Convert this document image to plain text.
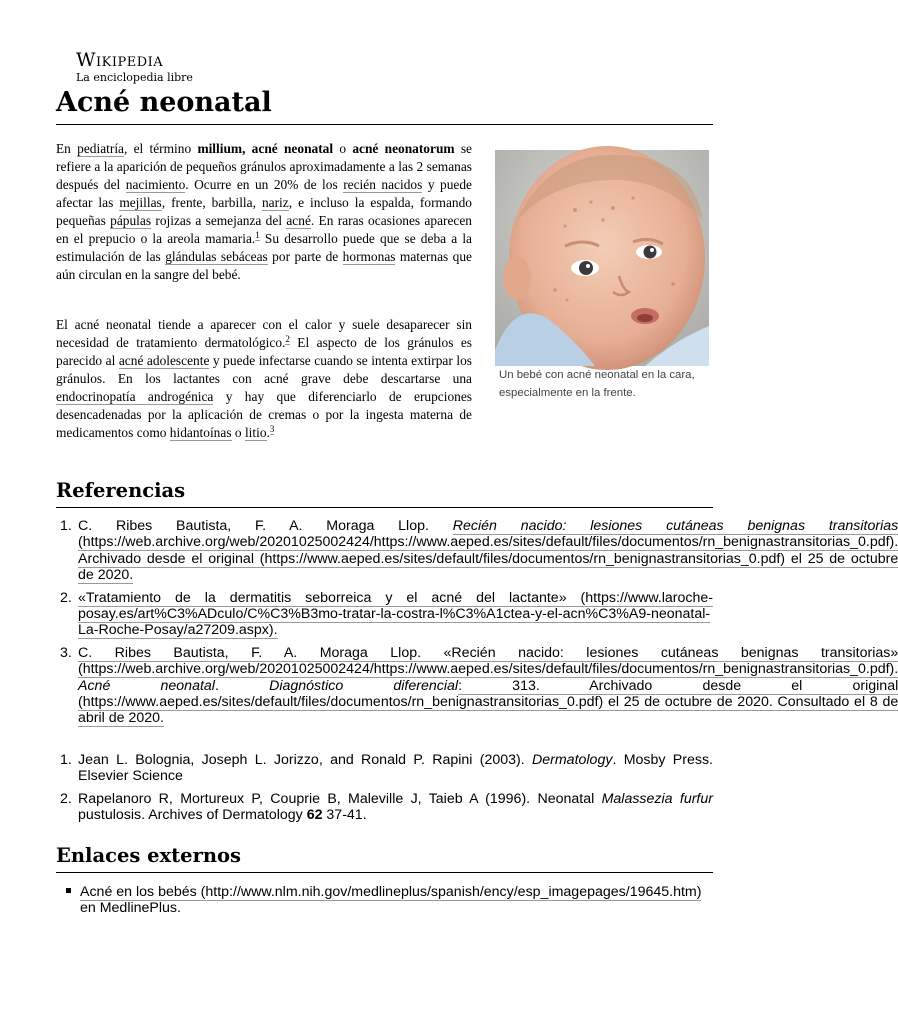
Wikipedia
La enciclopedia libre
Acné neonatal

En pediatría, el término millium, acné neonatal o acné neonatorum se refiere a la aparición de pequeños gránulos aproximadamente a las 2 semanas después del nacimiento. Ocurre en un 20% de los recién nacidos y puede afectar las mejillas, frente, barbilla, nariz, e incluso la espalda, formando pequeñas pápulas rojizas a semejanza del acné. En raras ocasiones aparecen en el prepucio o la areola mamaria.$^1$ Su desarrollo puede que se deba a la estimulación de las glándulas sebáceas por parte de hormonas maternas que aún circulan en la sangre del bebé.

El acné neonatal tiende a aparecer con el calor y suele desaparecer sin necesidad de tratamiento dermatológico.$^2$ El aspecto de los gránulos es parecido al acné adolescente y puede infectarse cuando se intenta extirpar los gránulos. En los lactantes con acné grave debe descartarse una endocrinopatía androgénica y hay que diferenciarlo de erupciones desencadenadas por la aplicación de cremas o por la ingesta materna de medicamentos como hidantoínas o litio.$^3$

Un bebé con acné neonatal en la cara, especialmente en la frente.
Referencias
1. C. Ribes Bautista, F. A. Moraga Llop. Recién nacido: lesiones cutáneas benignas transitorias (https://web.archive.org/web/20201025002424/https://www.aeped.es/sites/default/files/documentos/rn_benignastransitorias_0.pdf). Archivado desde el original (https://www.aeped.es/sites/default/files/documentos/rn_benignastransitorias_0.pdf) el 25 de octubre de 2020.
2. «Tratamiento de la dermatitis seborreica y el acné del lactante» (https://www.laroche-posay.es/art%C3%ADculo/C%C3%B3mo-tratar-la-costra-l%C3%A1ctea-y-el-acn%C3%A9-neonatal-La-Roche-Posay/a27209.aspx).
3. C. Ribes Bautista, F. A. Moraga Llop. «Recién nacido: lesiones cutáneas benignas transitorias» (https://web.archive.org/web/20201025002424/https://www.aeped.es/sites/default/files/documentos/rn_benignastransitorias_0.pdf). Acné neonatal. Diagnóstico diferencial: 313. Archivado desde el original (https://www.aeped.es/sites/default/files/documentos/rn_benignastransitorias_0.pdf) el 25 de octubre de 2020. Consultado el 8 de abril de 2020.
1. Jean L. Bolognia, Joseph L. Jorizzo, and Ronald P. Rapini (2003). Dermatology. Mosby Press. Elsevier Science
2. Rapelanoro R, Mortureux P, Couprie B, Maleville J, Taieb A (1996). Neonatal Malassezia furfur pustulosis. Archives of Dermatology 62 37-41.
Enlaces externos
Acné en los bebés (http://www.nlm.nih.gov/medlineplus/spanish/ency/esp_imagepages/19645.htm) en MedlinePlus.
